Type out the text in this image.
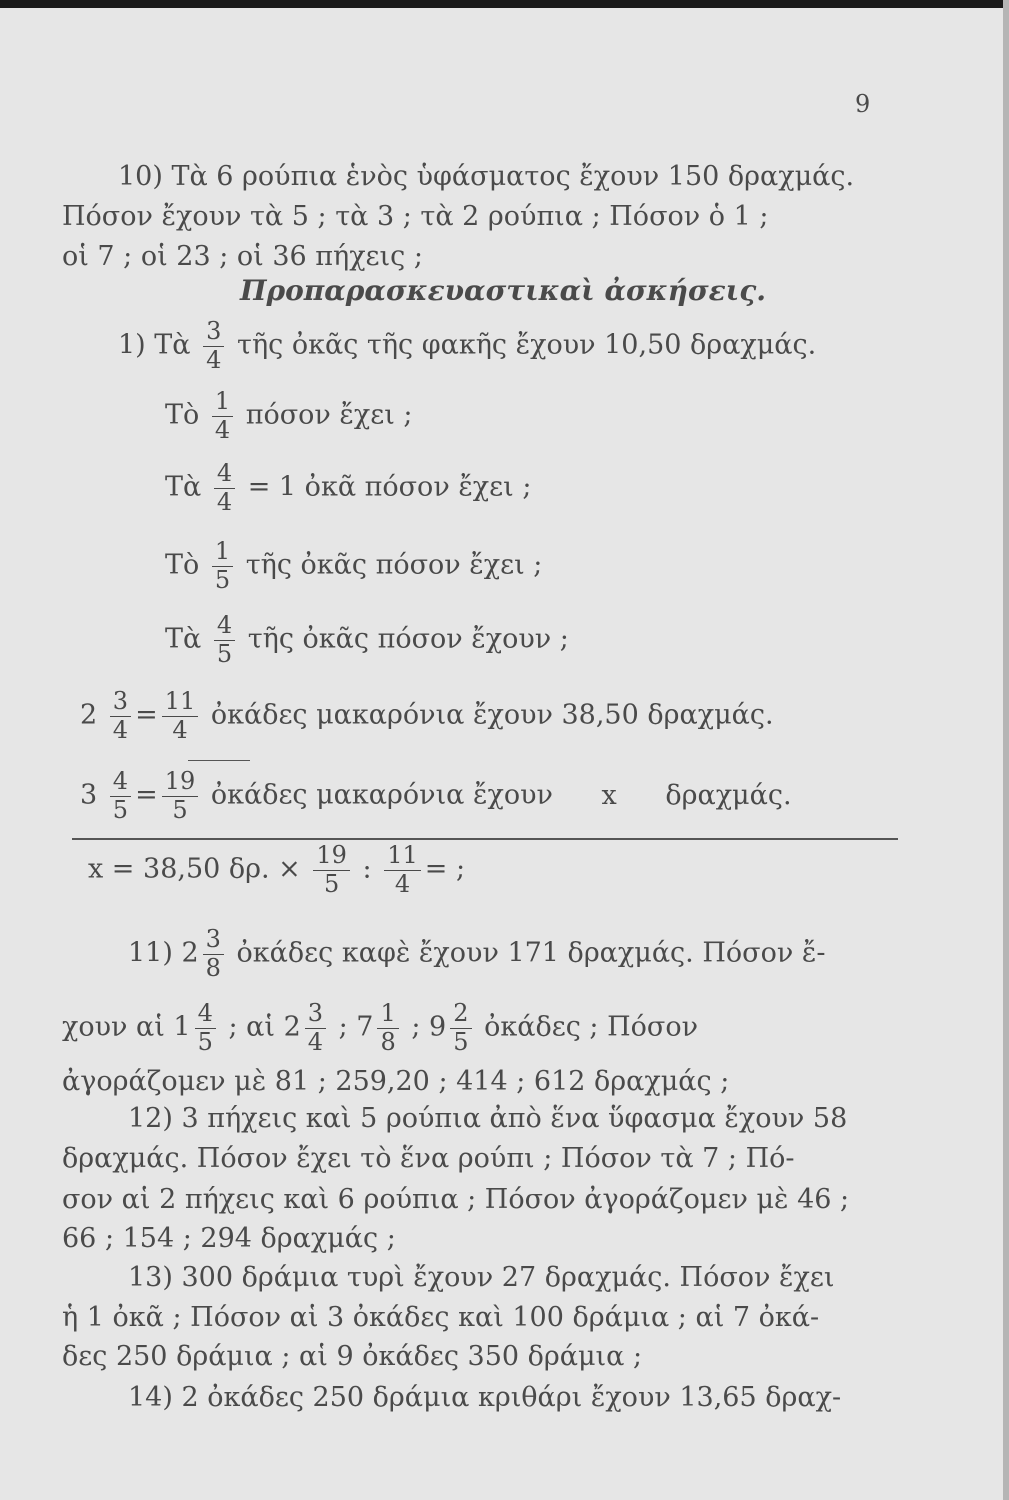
9
10) Τὰ 6 ρούπια ἑνὸς ὑφάσματος ἔχουν 150 δραχμάς.
Πόσον ἔχουν τὰ 5 ; τὰ 3 ; τὰ 2 ρούπια ; Πόσον ὁ 1 ;
οἱ 7 ; οἱ 23 ; οἱ 36 πήχεις ;
Προπαρασκευαστικαὶ ἀσκήσεις.
1) Τὰ $\frac{3}{4}$ τῆς ὀκᾶς τῆς φακῆς ἔχουν 10,50 δραχμάς.
Τὸ $\frac{1}{4}$ πόσον ἔχει ;
Τὰ $\frac{4}{4} = 1$ ὀκᾶ πόσον ἔχει ;
Τὸ $\frac{1}{5}$ τῆς ὀκᾶς πόσον ἔχει ;
Τὰ $\frac{4}{5}$ τῆς ὀκᾶς πόσον ἔχουν ;
$2 \frac{3}{4} = \frac{11}{4}$ ὀκάδες μακαρόνια ἔχουν 38,50 δραχμάς.
$3 \frac{4}{5} = \frac{19}{5}$ ὀκάδες μακαρόνια ἔχουν x δραχμάς.
x = 38,50 δρ. × $\frac{19}{5}$ : $\frac{11}{4}$ = ;
11) $2 \frac{3}{8}$ ὀκάδες καφὲ ἔχουν 171 δραχμάς. Πόσον ἔ-
χουν αἱ $1 \frac{4}{5}$ ; αἱ $2 \frac{3}{4}$ ; $7 \frac{1}{8}$ ; $9 \frac{2}{5}$ ὀκάδες ; Πόσον
ἀγοράζομεν μὲ 81 ; 259,20 ; 414 ; 612 δραχμάς ;
12) 3 πήχεις καὶ 5 ρούπια ἀπὸ ἕνα ὕφασμα ἔχουν 58
δραχμάς. Πόσον ἔχει τὸ ἕνα ρούπι ; Πόσον τὰ 7 ; Πό-
σον αἱ 2 πήχεις καὶ 6 ρούπια ; Πόσον ἀγοράζομεν μὲ 46 ;
66 ; 154 ; 294 δραχμάς ;
13) 300 δράμια τυρὶ ἔχουν 27 δραχμάς. Πόσον ἔχει
ἡ 1 ὀκᾶ ; Πόσον αἱ 3 ὀκάδες καὶ 100 δράμια ; αἱ 7 ὀκά-
δες 250 δράμια ; αἱ 9 ὀκάδες 350 δράμια ;
14) 2 ὀκάδες 250 δράμια κριθάρι ἔχουν 13,65 δραχ-
